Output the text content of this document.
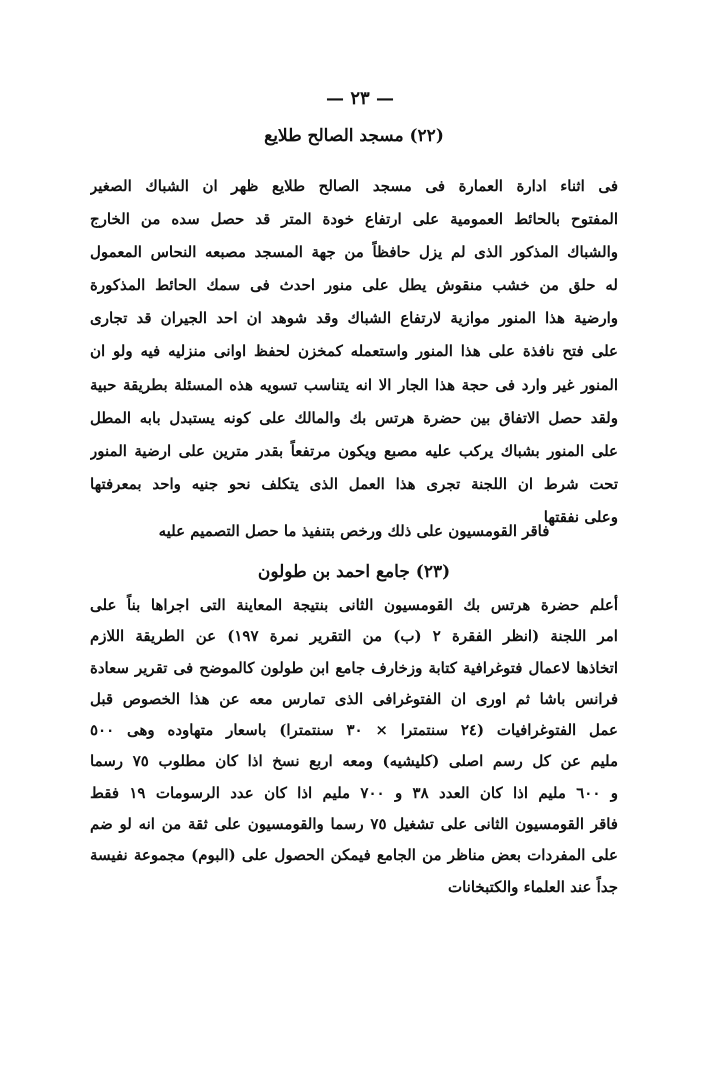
— ٢٣ —
(٢٢) مسجد الصالح طلايع

فى اثناء ادارة العمارة فى مسجد الصالح طلايع ظهر ان الشباك الصغير

المفتوح بالحائط العمومية على ارتفاع خودة المتر قد حصل سده من الخارج

والشباك المذكور الذى لم يزل حافظاً من جهة المسجد مصبعه النحاس المعمول

له حلق من خشب منقوش يطل على منور احدث فى سمك الحائط المذكورة

وارضية هذا المنور موازية لارتفاع الشباك وقد شوهد ان احد الجيران قد تجارى

على فتح نافذة على هذا المنور واستعمله كمخزن لحفظ اوانى منزليه فيه ولو ان

المنور غير وارد فى حجة هذا الجار الا انه يتناسب تسويه هذه المسئلة بطريقة حبية

ولقد حصل الاتفاق بين حضرة هرتس بك والمالك على كونه يستبدل بابه المطل

على المنور بشباك يركب عليه مصبع ويكون مرتفعاً بقدر مترين على ارضية المنور

تحت شرط ان اللجنة تجرى هذا العمل الذى يتكلف نحو جنيه واحد بمعرفتها

وعلى نفقتها

فاقر القومسيون على ذلك ورخص بتنفيذ ما حصل التصميم عليه
(٢٣) جامع احمد بن طولون

أعلم حضرة هرتس بك القومسيون الثانى بنتيجة المعاينة التى اجراها بناً على

امر اللجنة (انظر الفقرة ٢ (ب) من التقرير نمرة ١٩٧) عن الطريقة اللازم

اتخاذها لاعمال فتوغرافية كتابة وزخارف جامع ابن طولون كالموضح فى تقرير سعادة

فرانس باشا ثم اورى ان الفتوغرافى الذى تمارس معه عن هذا الخصوص قبل

عمل الفتوغرافيات (٢٤ سنتمترا × ٣٠ سنتمترا) باسعار متهاوده وهى ٥٠٠

مليم عن كل رسم اصلى (كليشيه) ومعه اربع نسخ اذا كان مطلوب ٧٥ رسما

و ٦٠٠ مليم اذا كان العدد ٣٨ و ٧٠٠ مليم اذا كان عدد الرسومات ١٩ فقط

فاقر القومسيون الثانى على تشغيل ٧٥ رسما والقومسيون على ثقة من انه لو ضم

على المفردات بعض مناظر من الجامع فيمكن الحصول على (البوم) مجموعة نفيسة

جداً عند العلماء والكتبخانات
